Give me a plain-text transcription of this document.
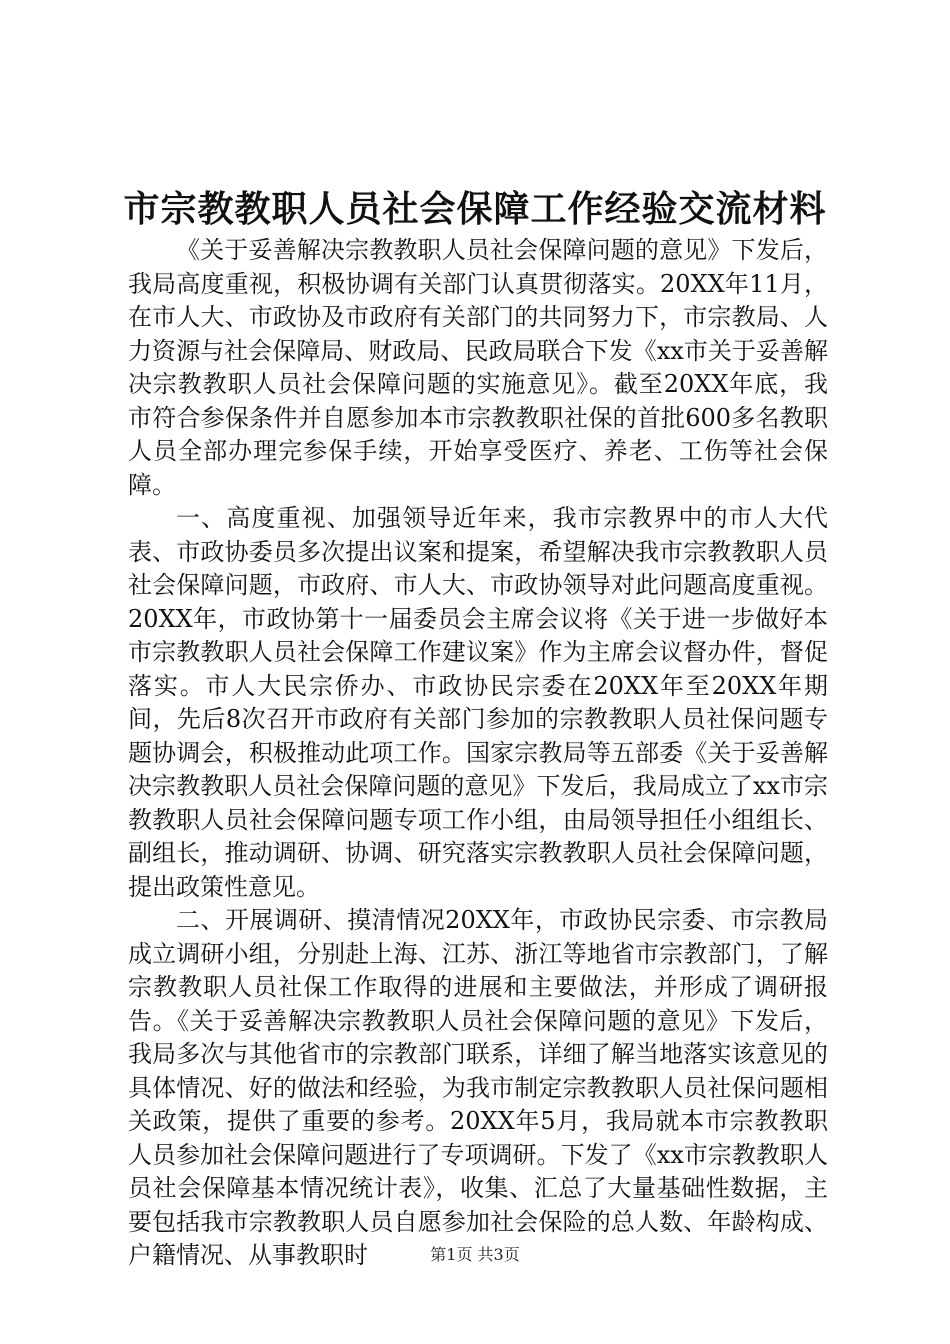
市宗教教职人员社会保障工作经验交流材料

《关于妥善解决宗教教职人员社会保障问题的意见》下发后，我局高度重视，积极协调有关部门认真贯彻落实。20XX年11月，在市人大、市政协及市政府有关部门的共同努力下，市宗教局、人力资源与社会保障局、财政局、民政局联合下发《xx市关于妥善解决宗教教职人员社会保障问题的实施意见》。截至20XX年底，我市符合参保条件并自愿参加本市宗教教职社保的首批600多名教职人员全部办理完参保手续，开始享受医疗、养老、工伤等社会保障。

一、高度重视、加强领导近年来，我市宗教界中的市人大代表、市政协委员多次提出议案和提案，希望解决我市宗教教职人员社会保障问题，市政府、市人大、市政协领导对此问题高度重视。20XX年，市政协第十一届委员会主席会议将《关于进一步做好本市宗教教职人员社会保障工作建议案》作为主席会议督办件，督促落实。市人大民宗侨办、市政协民宗委在20XX年至20XX年期间，先后8次召开市政府有关部门参加的宗教教职人员社保问题专题协调会，积极推动此项工作。国家宗教局等五部委《关于妥善解决宗教教职人员社会保障问题的意见》下发后，我局成立了xx市宗教教职人员社会保障问题专项工作小组，由局领导担任小组组长、副组长，推动调研、协调、研究落实宗教教职人员社会保障问题，提出政策性意见。

二、开展调研、摸清情况20XX年，市政协民宗委、市宗教局成立调研小组，分别赴上海、江苏、浙江等地省市宗教部门，了解宗教教职人员社保工作取得的进展和主要做法，并形成了调研报告。《关于妥善解决宗教教职人员社会保障问题的意见》下发后，我局多次与其他省市的宗教部门联系，详细了解当地落实该意见的具体情况、好的做法和经验，为我市制定宗教教职人员社保问题相关政策，提供了重要的参考。20XX年5月，我局就本市宗教教职人员参加社会保障问题进行了专项调研。下发了《xx市宗教教职人员社会保障基本情况统计表》，收集、汇总了大量基础性数据，主要包括我市宗教教职人员自愿参加社会保险的总人数、年龄构成、户籍情况、从事教职时	第1页 共3页
